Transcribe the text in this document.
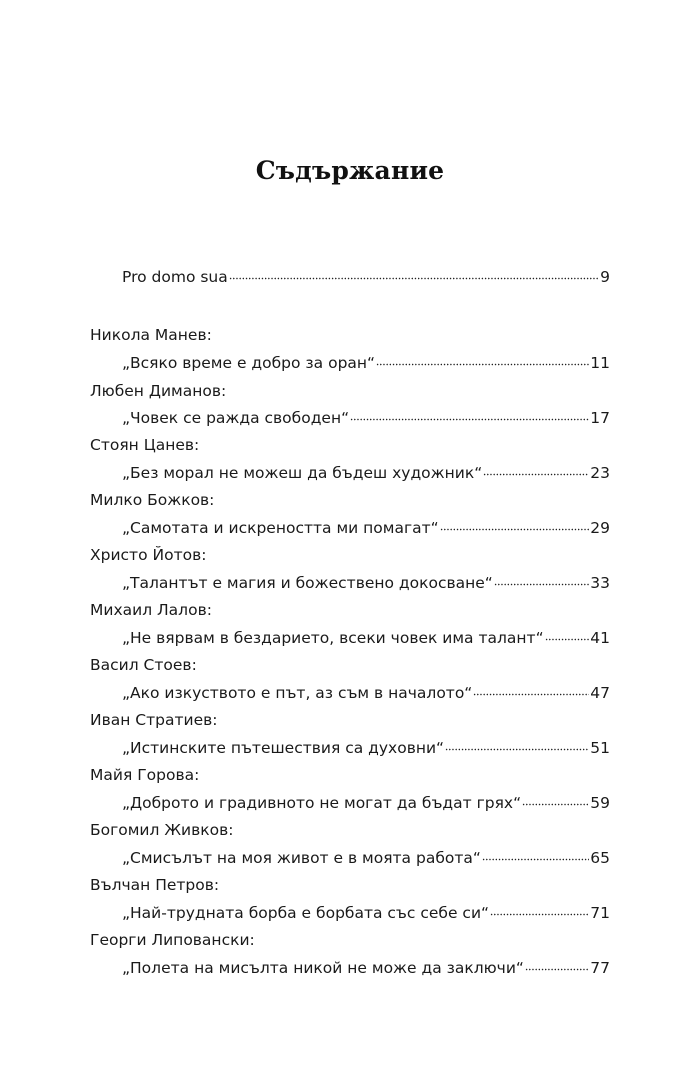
Съдържание
Pro domo sua	9
Никола Манев:
„Всяко време е добро за оран“	11
Любен Диманов:
„Човек се ражда свободен“	17
Стоян Цанев:
„Без морал не можеш да бъдеш художник“	23
Милко Божков:
„Самотата и искреността ми помагат“	29
Христо Йотов:
„Талантът е магия и божествено докосване“	33
Михаил Лалов:
„Не вярвам в бездарието, всеки човек има талант“	41
Васил Стоев:
„Ако изкуството е път, аз съм в началото“	47
Иван Стратиев:
„Истинските пътешествия са духовни“	51
Майя Горова:
„Доброто и градивното не могат да бъдат грях“	59
Богомил Живков:
„Смисълът на моя живот е в моята работа“	65
Вълчан Петров:
„Най-трудната борба е борбата със себе си“	71
Георги Липовански:
„Полета на мисълта никой не може да заключи“	77
